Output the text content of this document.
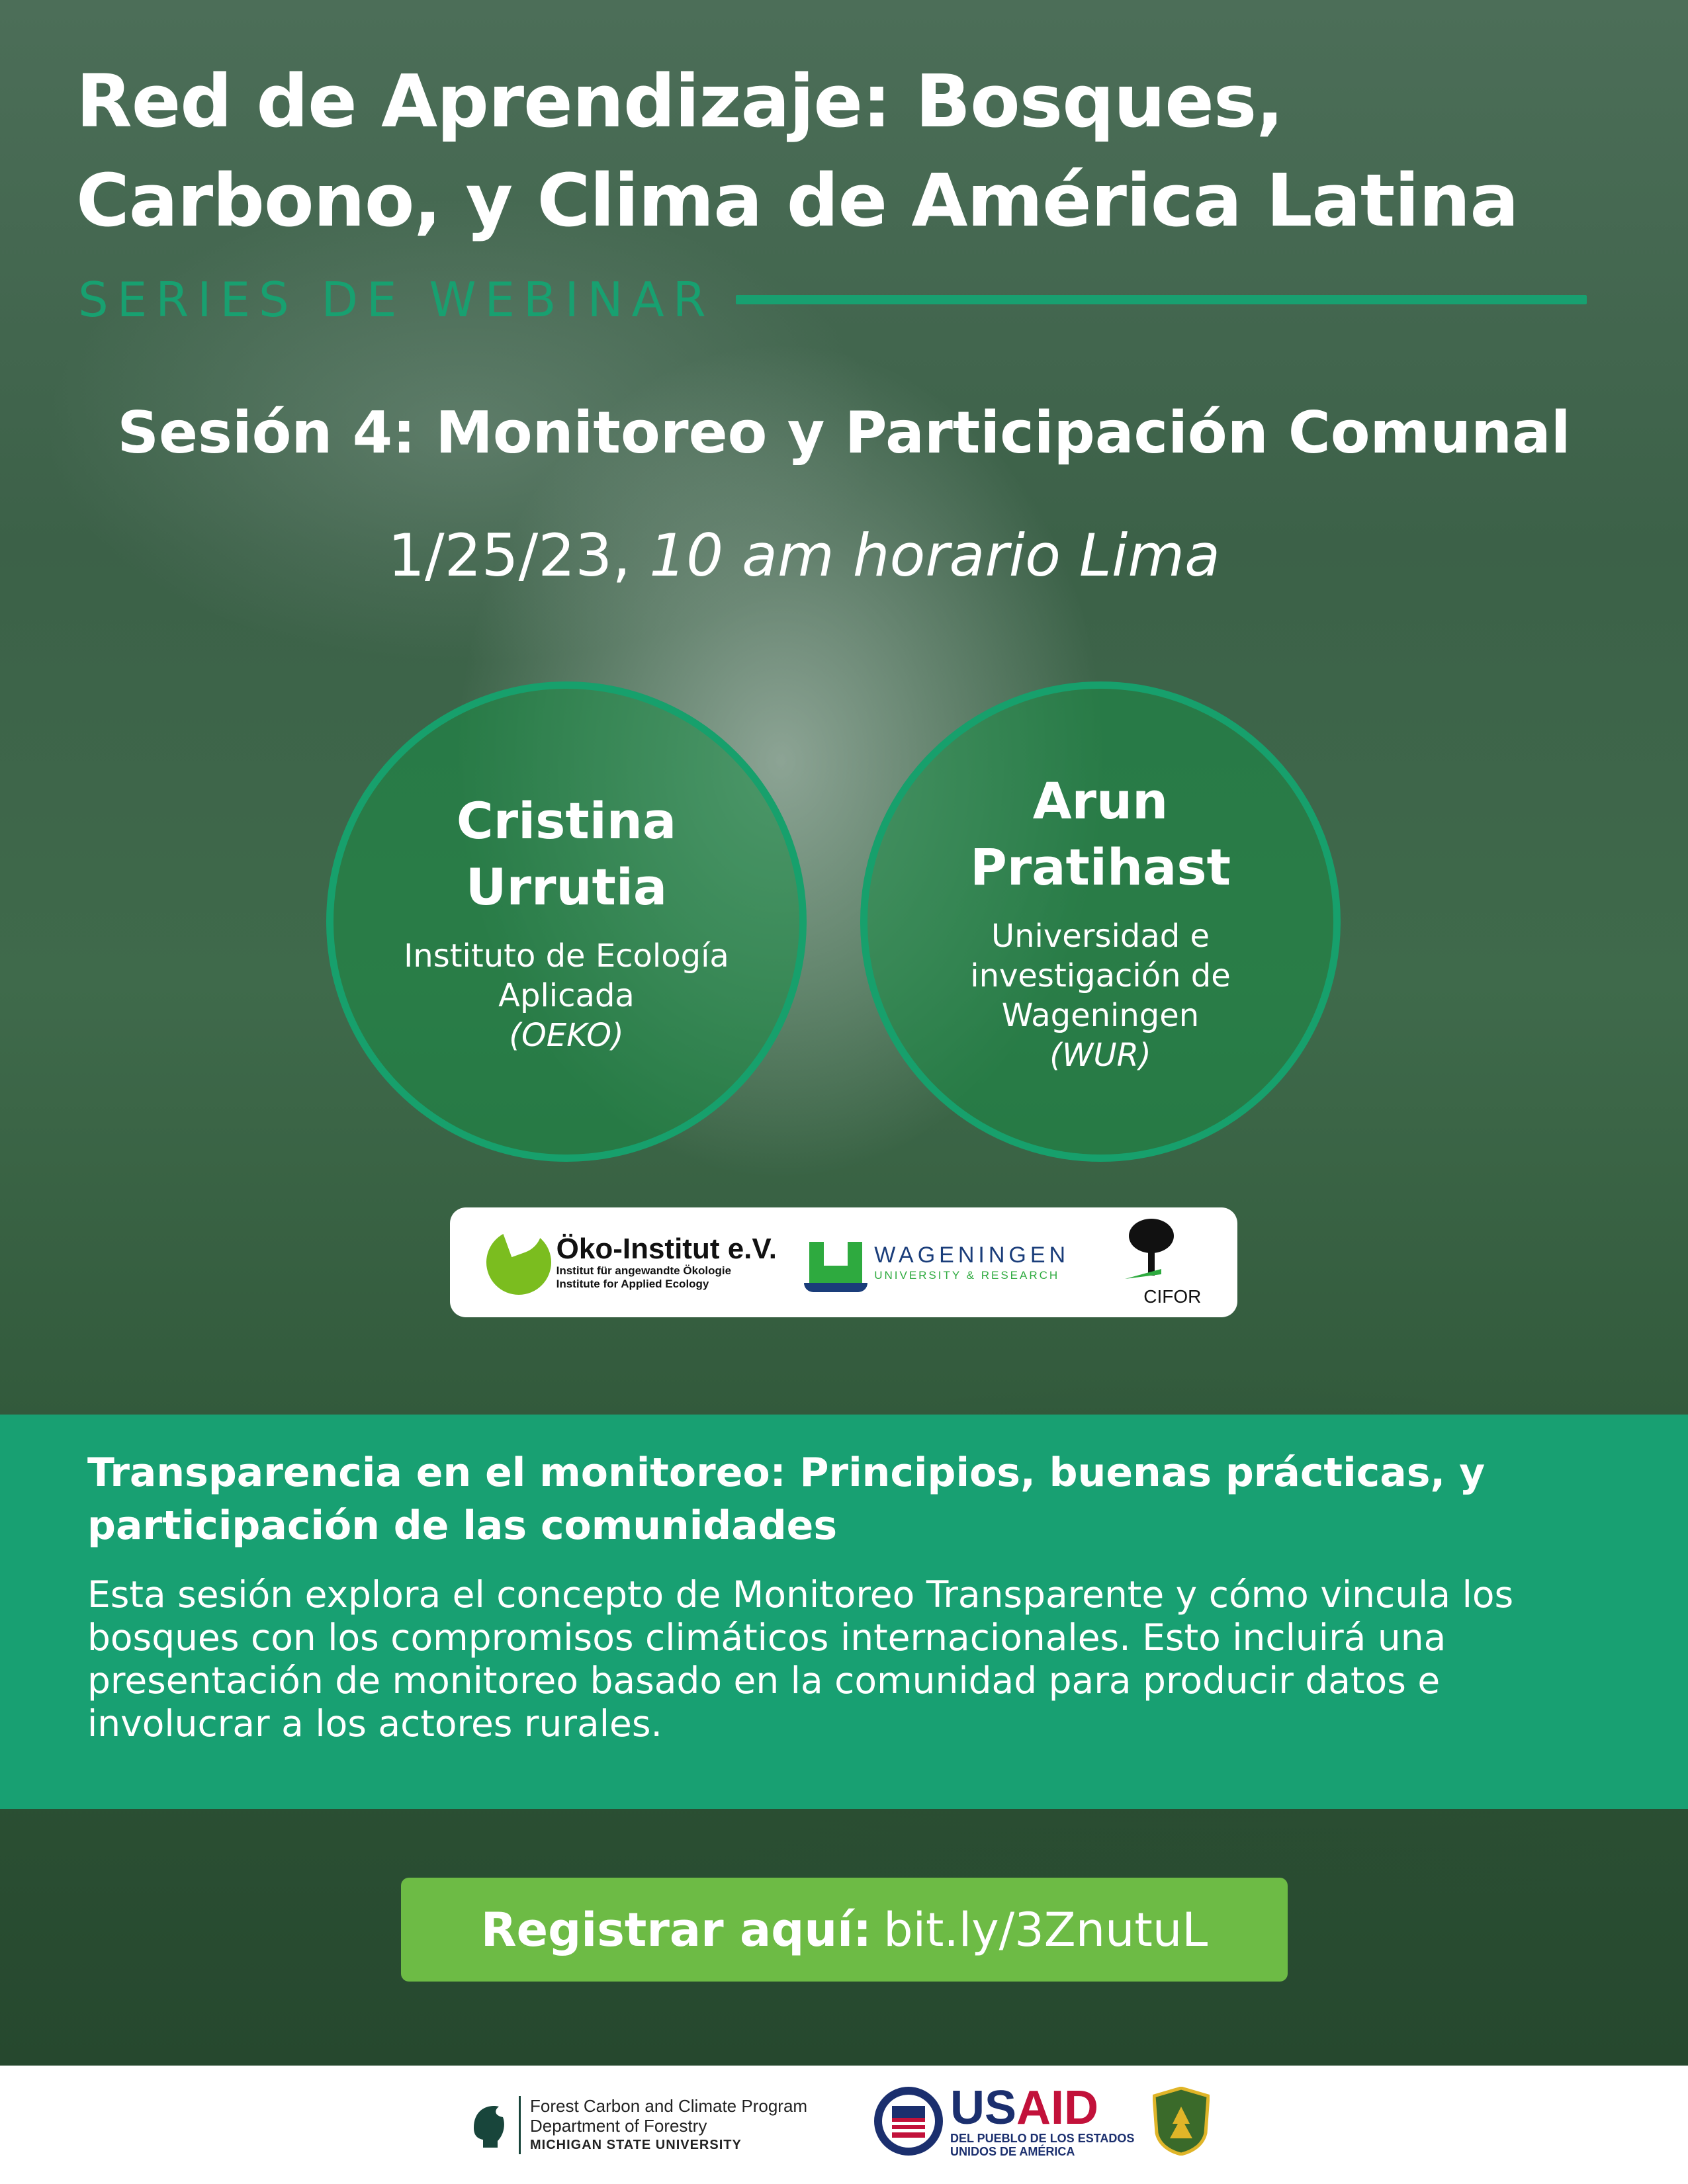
Red de Aprendizaje: Bosques, Carbono, y Clima de América Latina
SERIES DE WEBINAR
Sesión 4: Monitoreo y Participación Comunal
1/25/23, 10 am horario Lima
Cristina Urrutia
Instituto de Ecología Aplicada
(OEKO)
Arun Pratihast
Universidad e investigación de Wageningen
(WUR)
Öko-Institut e.V.
Institut für angewandte Ökologie
Institute for Applied Ecology
WAGENINGEN
UNIVERSITY & RESEARCH
CIFOR
Transparencia en el monitoreo: Principios, buenas prácticas, y participación de las comunidades
Esta sesión explora el concepto de Monitoreo Transparente y cómo vincula los bosques con los compromisos climáticos internacionales. Esto incluirá una presentación de monitoreo basado en la comunidad para producir datos e involucrar a los actores rurales.
Registrar aquí: bit.ly/3ZnutuL
Forest Carbon and Climate Program
Department of Forestry
MICHIGAN STATE UNIVERSITY
USAID
DEL PUEBLO DE LOS ESTADOS
UNIDOS DE AMÉRICA
